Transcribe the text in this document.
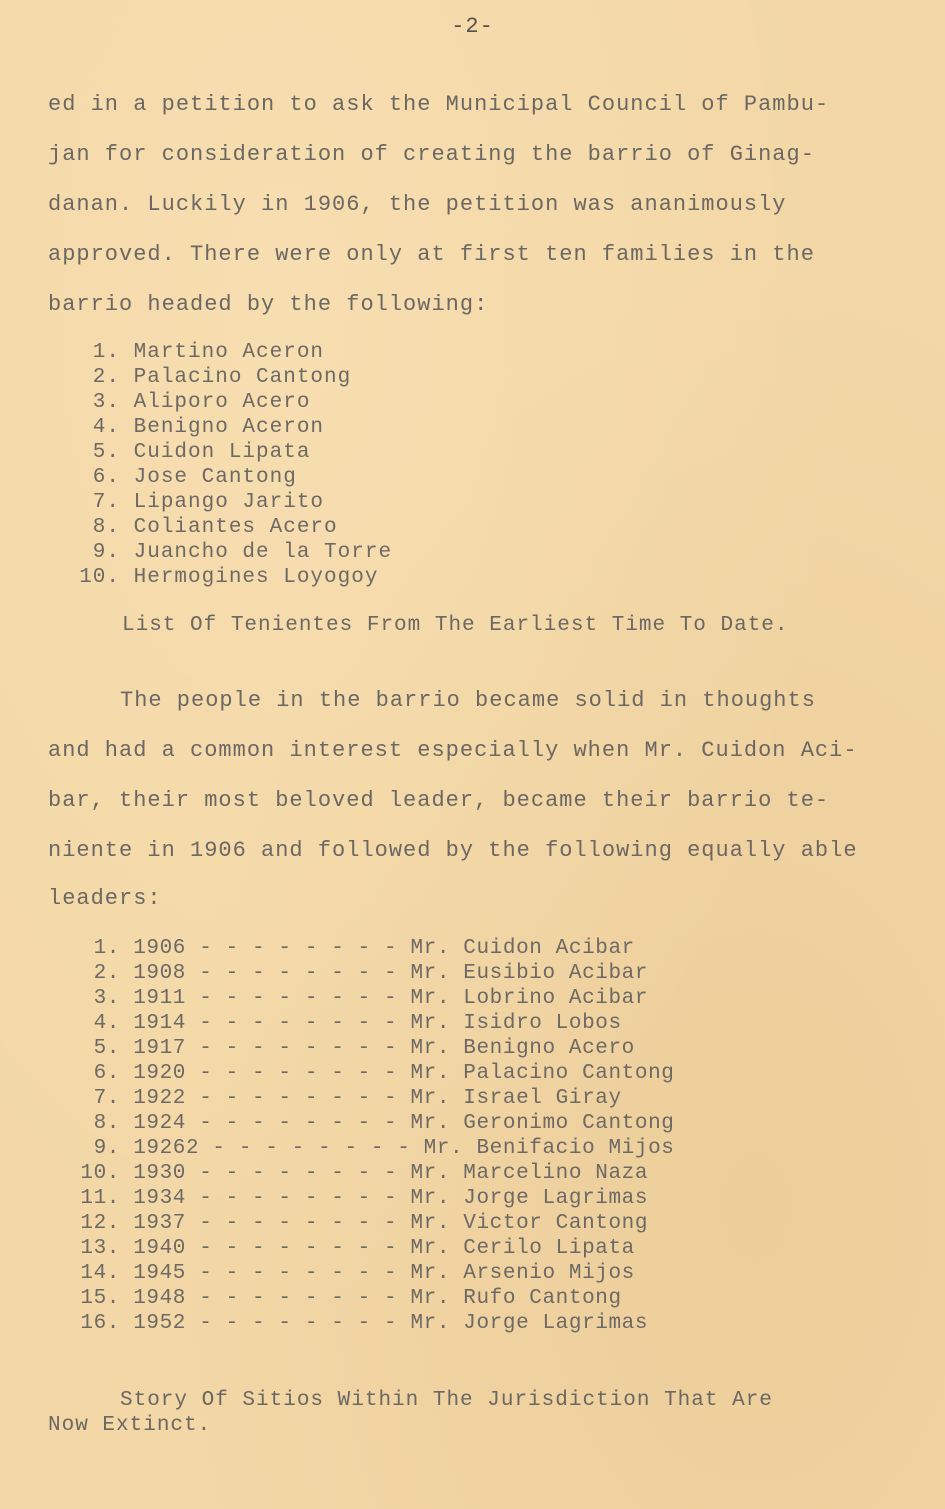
-2-
ed in a petition to ask the Municipal Council of Pambu-
jan for consideration of creating the barrio of Ginag-
danan. Luckily in 1906, the petition was ananimously
approved. There were only at first ten families in the
barrio headed by the following:
1. Martino Aceron
2. Palacino Cantong
3. Aliporo Acero
4. Benigno Aceron
5. Cuidon Lipata
6. Jose Cantong
7. Lipango Jarito
8. Coliantes Acero
9. Juancho de la Torre
10. Hermogines Loyogoy
List Of Tenientes From The Earliest Time To Date.
The people in the barrio became solid in thoughts
and had a common interest especially when Mr. Cuidon Aci-
bar, their most beloved leader, became their barrio te-
niente in 1906 and followed by the following equally able
leaders:
1. 1906 - - - - - - - - Mr. Cuidon Acibar
2. 1908 - - - - - - - - Mr. Eusibio Acibar
3. 1911 - - - - - - - - Mr. Lobrino Acibar
4. 1914 - - - - - - - - Mr. Isidro Lobos
5. 1917 - - - - - - - - Mr. Benigno Acero
6. 1920 - - - - - - - - Mr. Palacino Cantong
7. 1922 - - - - - - - - Mr. Israel Giray
8. 1924 - - - - - - - - Mr. Geronimo Cantong
9. 19262 - - - - - - - - Mr. Benifacio Mijos
10. 1930 - - - - - - - - Mr. Marcelino Naza
11. 1934 - - - - - - - - Mr. Jorge Lagrimas
12. 1937 - - - - - - - - Mr. Victor Cantong
13. 1940 - - - - - - - - Mr. Cerilo Lipata
14. 1945 - - - - - - - - Mr. Arsenio Mijos
15. 1948 - - - - - - - - Mr. Rufo Cantong
16. 1952 - - - - - - - - Mr. Jorge Lagrimas
Story Of Sitios Within The Jurisdiction That Are
Now Extinct.
